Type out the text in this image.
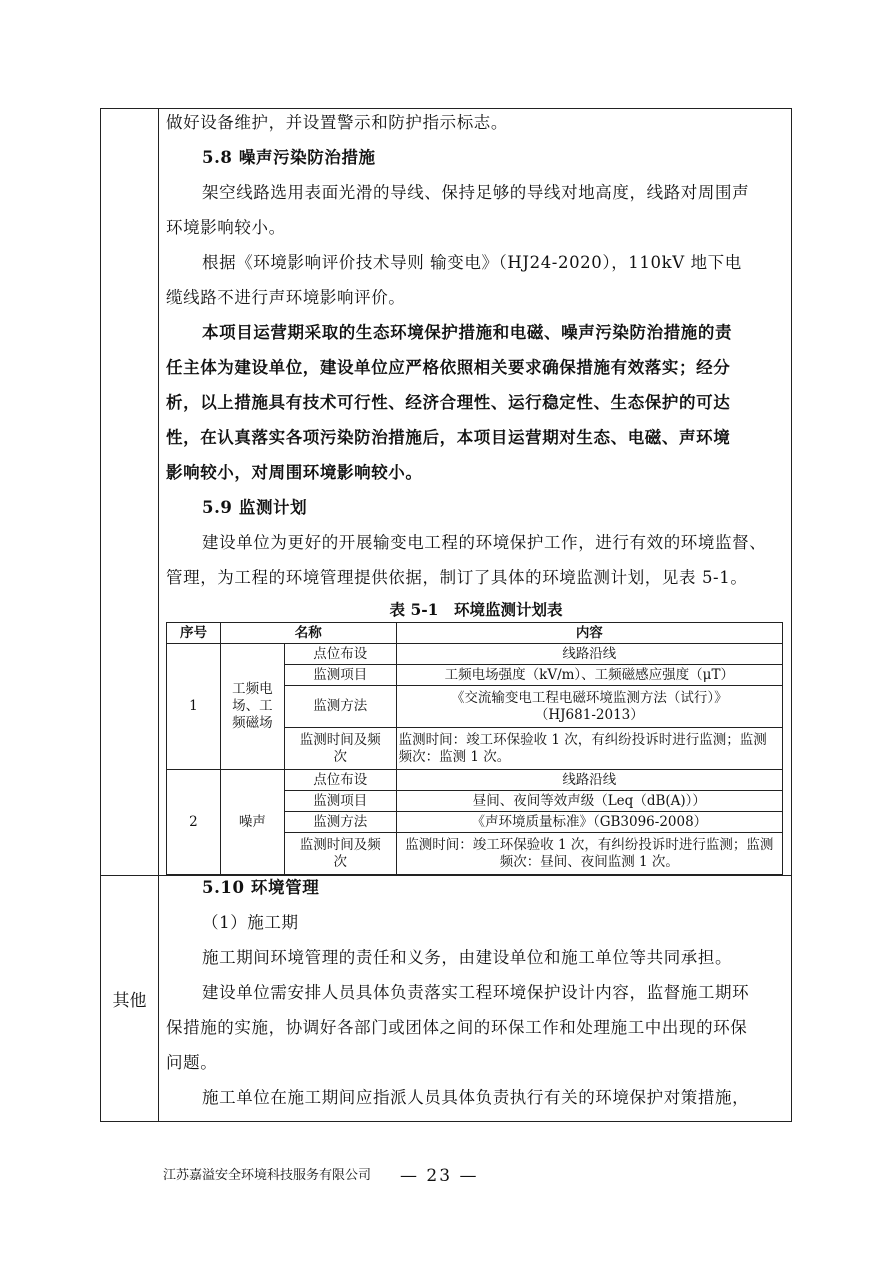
其他

做好设备维护，并设置警示和防护指示标志。

5.8 噪声污染防治措施

架空线路选用表面光滑的导线、保持足够的导线对地高度，线路对周围声

环境影响较小。

根据《环境影响评价技术导则 输变电》（HJ24-2020），110kV 地下电

缆线路不进行声环境影响评价。

本项目运营期采取的生态环境保护措施和电磁、噪声污染防治措施的责

任主体为建设单位，建设单位应严格依照相关要求确保措施有效落实；经分

析，以上措施具有技术可行性、经济合理性、运行稳定性、生态保护的可达

性，在认真落实各项污染防治措施后，本项目运营期对生态、电磁、声环境

影响较小，对周围环境影响较小。

5.9 监测计划

建设单位为更好的开展输变电工程的环境保护工作，进行有效的环境监督、

管理，为工程的环境管理提供依据，制订了具体的环境监测计划，见表 5-1。

表 5-1　环境监测计划表
序号	名称		内容
1	工频电场、工频磁场	点位布设	线路沿线
		监测项目	工频电场强度（kV/m）、工频磁感应强度（μT）
		监测方法	《交流输变电工程电磁环境监测方法（试行）》（HJ681-2013）
		监测时间及频次	监测时间：竣工环保验收 1 次，有纠纷投诉时进行监测；监测频次：监测 1 次。
2	噪声	点位布设	线路沿线
		监测项目	昼间、夜间等效声级（Leq（dB(A)））
		监测方法	《声环境质量标准》（GB3096-2008）
		监测时间及频次	监测时间：竣工环保验收 1 次，有纠纷投诉时进行监测；监测频次：昼间、夜间监测 1 次。

5.10 环境管理

（1）施工期

施工期间环境管理的责任和义务，由建设单位和施工单位等共同承担。

建设单位需安排人员具体负责落实工程环境保护设计内容，监督施工期环

保措施的实施，协调好各部门或团体之间的环保工作和处理施工中出现的环保

问题。

施工单位在施工期间应指派人员具体负责执行有关的环境保护对策措施，

江苏嘉溢安全环境科技服务有限公司 — 23 —
